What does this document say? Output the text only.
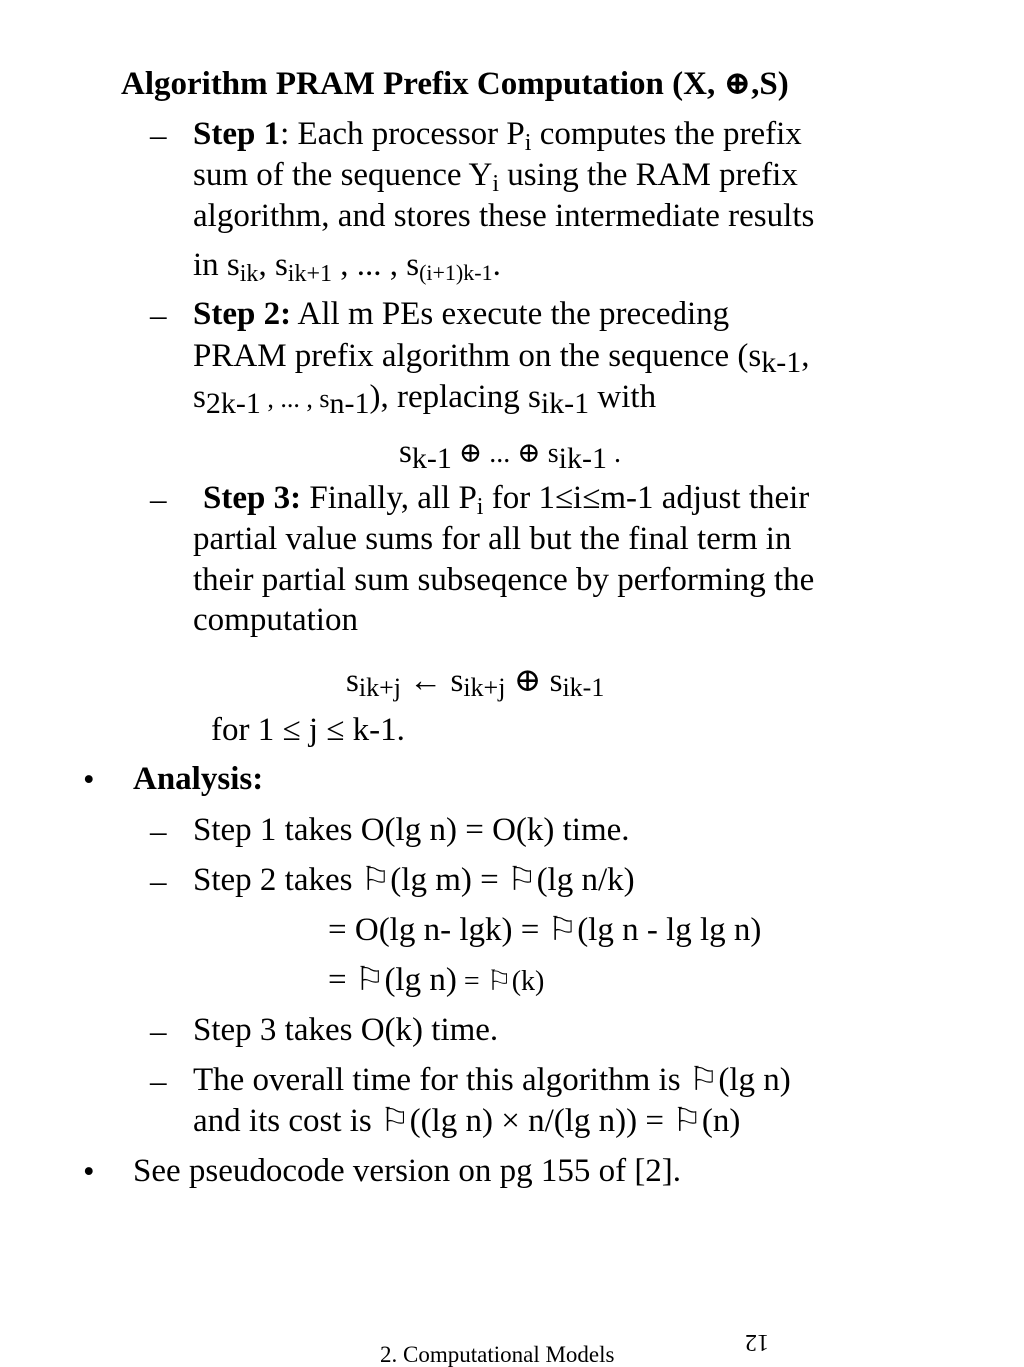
Algorithm PRAM Prefix Computation (X, ⊕,S)
– Step 1: Each processor $P_i$ computes the prefix
sum of the sequence $Y_i$ using the RAM prefix
algorithm, and stores these intermediate results
in $s_{ik}$, $s_{ik+1}$ , ... , $s_{(i+1)k-1}$.
– Step 2: All m PEs execute the preceding
PRAM prefix algorithm on the sequence ($s_{k-1}$,
$s_{2k-1}$ , ... , $s_{n-1}$), replacing $s_{ik-1}$ with
$s_{k-1}$ ⊕ ... ⊕ $s_{ik-1}$ .
– Step 3: Finally, all $P_i$ for 1≤i≤m-1 adjust their
partial value sums for all but the final term in
their partial sum subseqence by performing the
computation
$s_{ik+j}$ ← $s_{ik+j}$ ⊕ $s_{ik-1}$
for 1 ≤ j ≤ k-1.
• Analysis:
– Step 1 takes O(lg n) = O(k) time.
– Step 2 takes ⚐(lg m) = ⚐(lg n/k)
= O(lg n- lgk) = ⚐(lg n - lg lg n)
= ⚐(lg n) = ⚐(k)
– Step 3 takes O(k) time.
– The overall time for this algorithm is ⚐(lg n)
and its cost is ⚐((lg n) × n/(lg n)) = ⚐(n)
• See pseudocode version on pg 155 of [2].
2. Computational Models	12
